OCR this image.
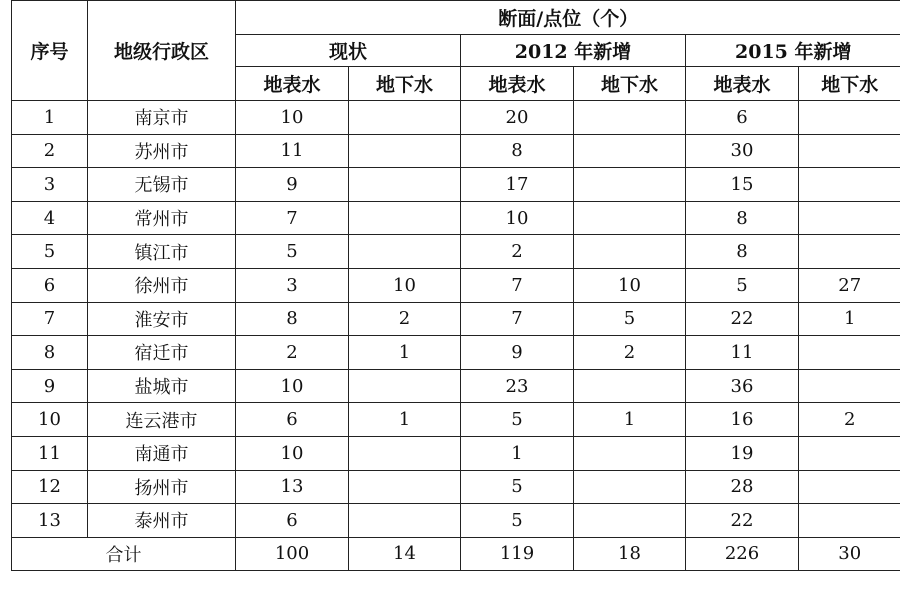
序号	地级行政区	断面/点位（个）					
		现状		2012 年新增		2015 年新增	
		地表水	地下水	地表水	地下水	地表水	地下水
1	南京市	10		20		6	
2	苏州市	11		8		30	
3	无锡市	9		17		15	
4	常州市	7		10		8	
5	镇江市	5		2		8	
6	徐州市	3	10	7	10	5	27
7	淮安市	8	2	7	5	22	1
8	宿迁市	2	1	9	2	11	
9	盐城市	10		23		36	
10	连云港市	6	1	5	1	16	2
11	南通市	10		1		19	
12	扬州市	13		5		28	
13	泰州市	6		5		22	
合计		100	14	119	18	226	30
